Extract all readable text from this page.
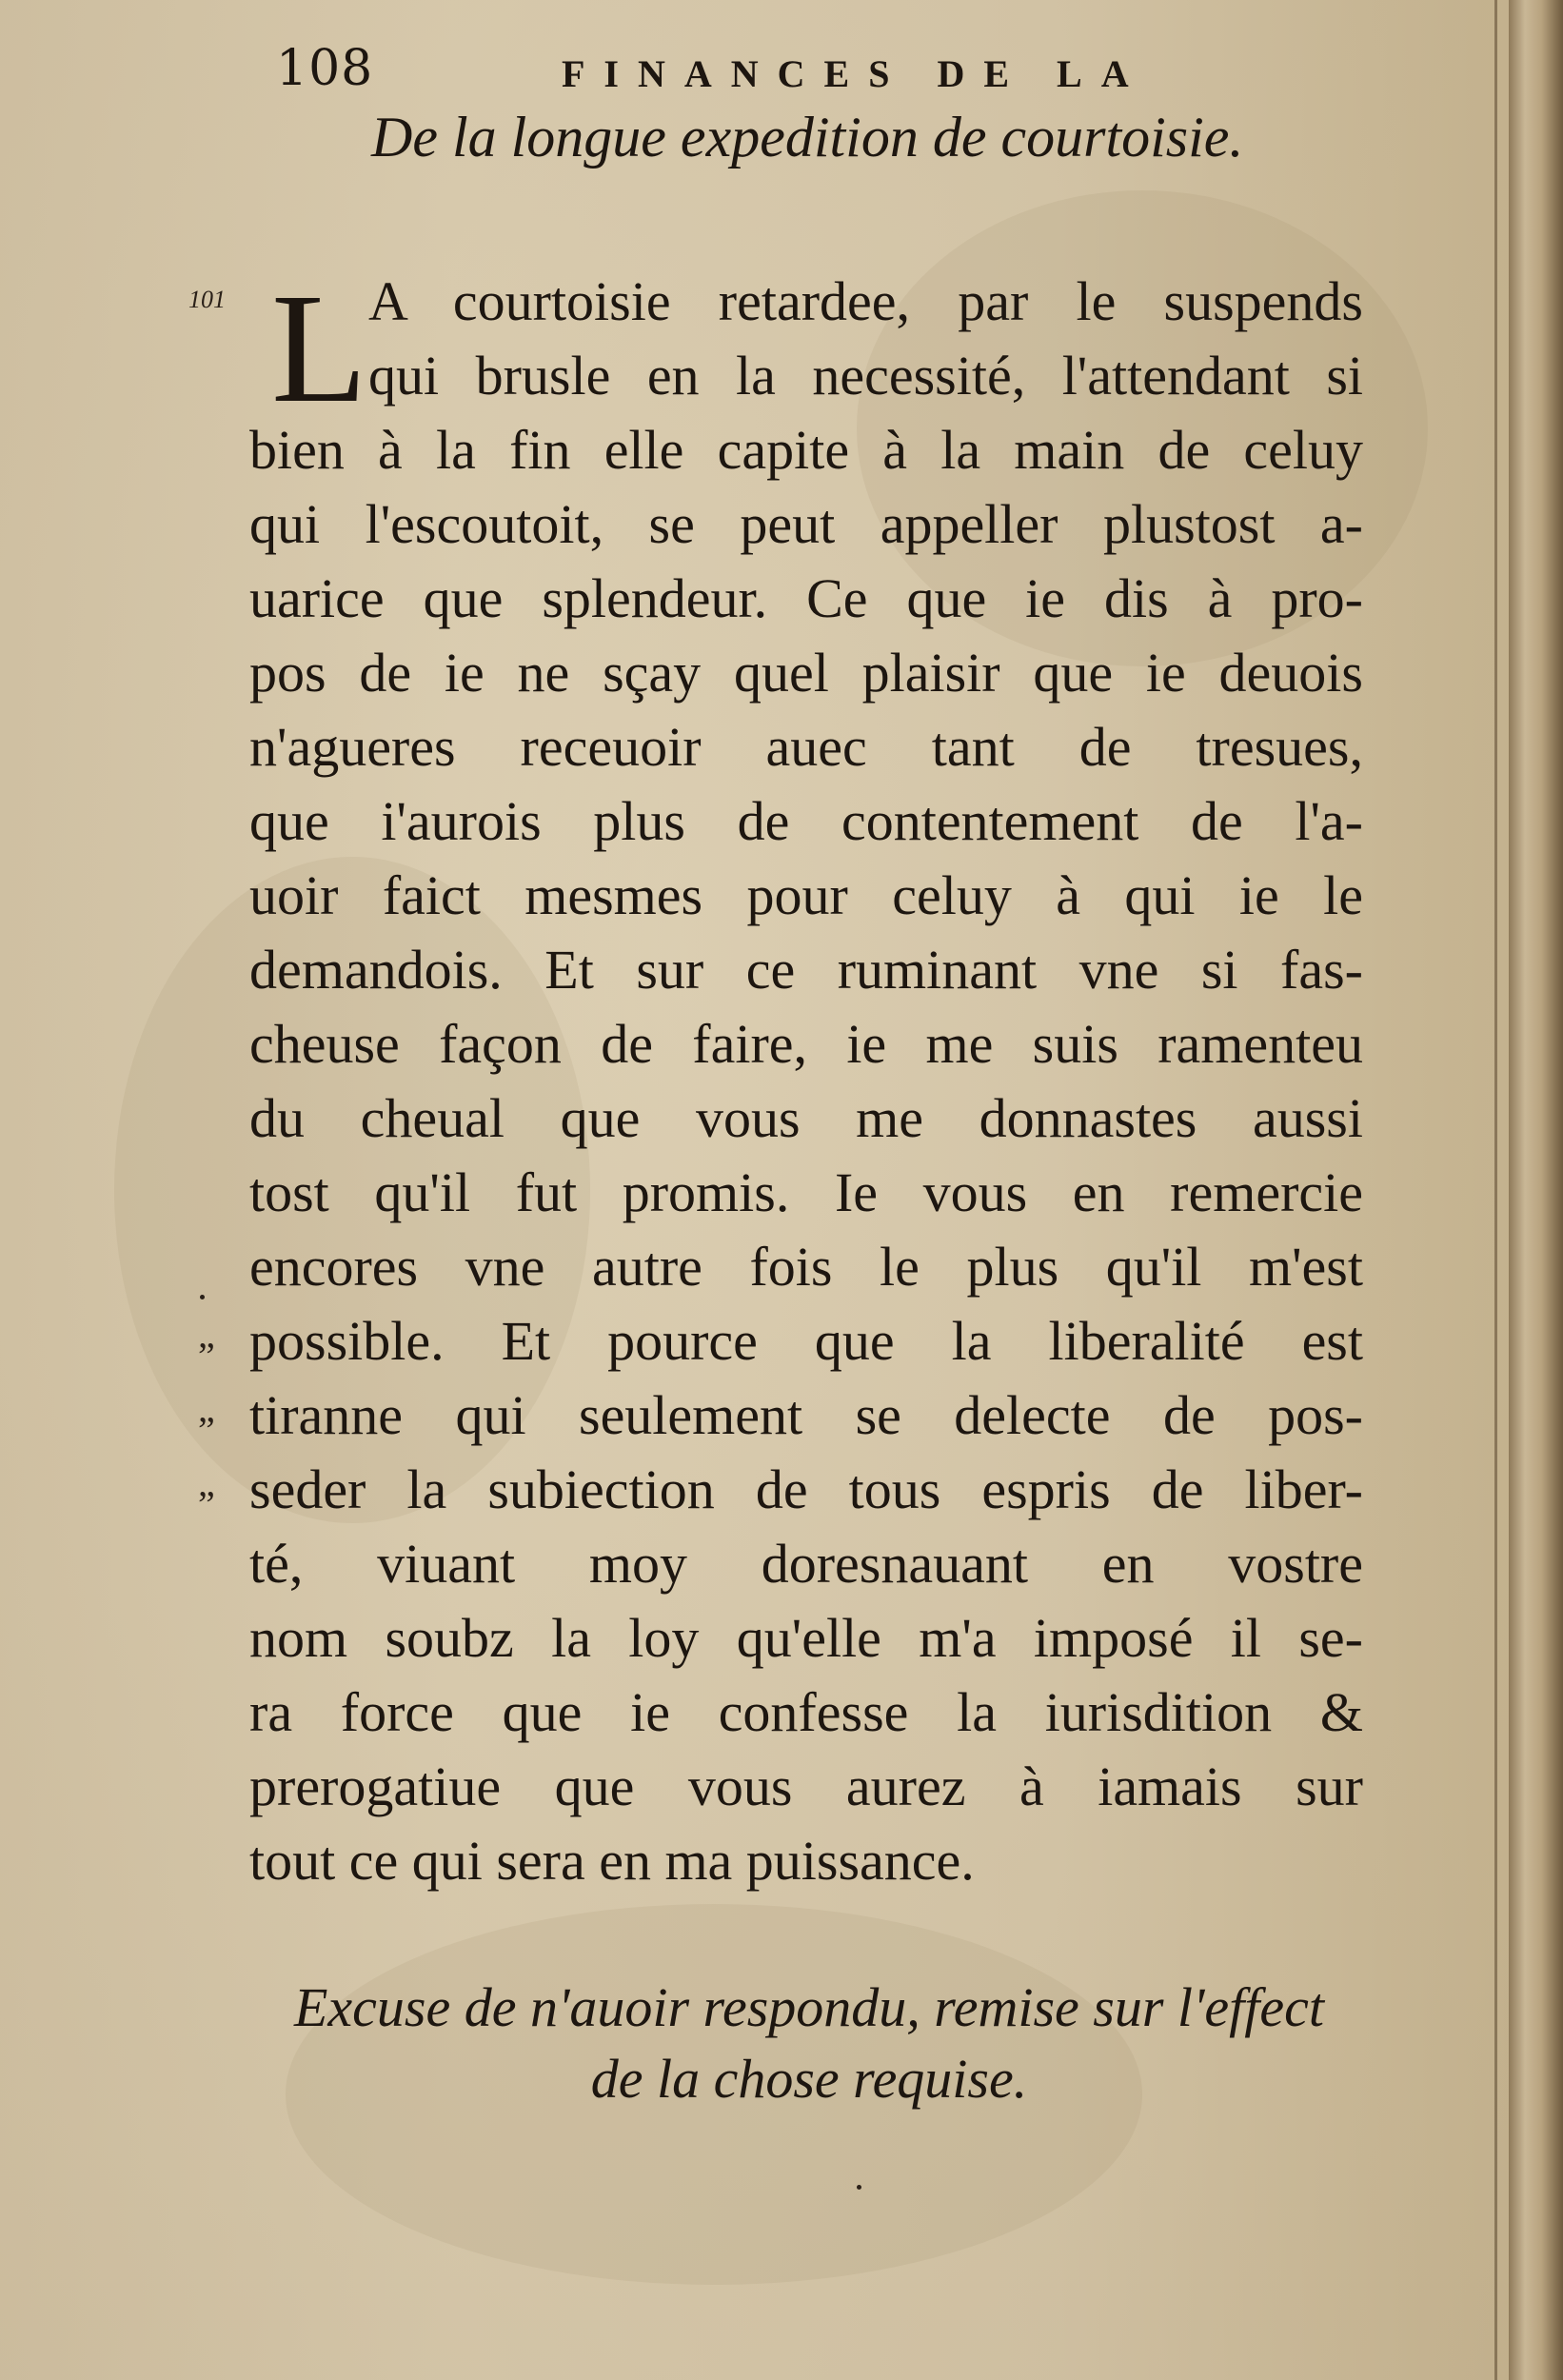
108	FINANCES DE LA
De la longue expedition de courtoisie.
101 L A courtoisie retardee, par le suspends
qui brusle en la necessité, l'attendant si
bien à la fin elle capite à la main de celuy
qui l'escoutoit, se peut appeller plustost a-
uarice que splendeur. Ce que ie dis à pro-
pos de ie ne sçay quel plaisir que ie deuois
n'agueres receuoir auec tant de tresues,
que i'aurois plus de contentement de l'a-
uoir faict mesmes pour celuy à qui ie le
demandois. Et sur ce ruminant vne si fas-
cheuse façon de faire, ie me suis ramenteu
du cheual que vous me donnastes aussi
tost qu'il fut promis. Ie vous en remercie
encores vne autre fois le plus qu'il m'est
possible. Et pource que la liberalité est
tiranne qui seulement se delecte de pos-
seder la subiection de tous espris de liber-
té, viuant moy doresnauant en vostre
nom soubz la loy qu'elle m'a imposé il se-
ra force que ie confesse la iurisdition &
prerogatiue que vous aurez à iamais sur
tout ce qui sera en ma puissance.
„
„
„
Excuse de n'auoir respondu, remise sur l'effect
de la chose requise.
